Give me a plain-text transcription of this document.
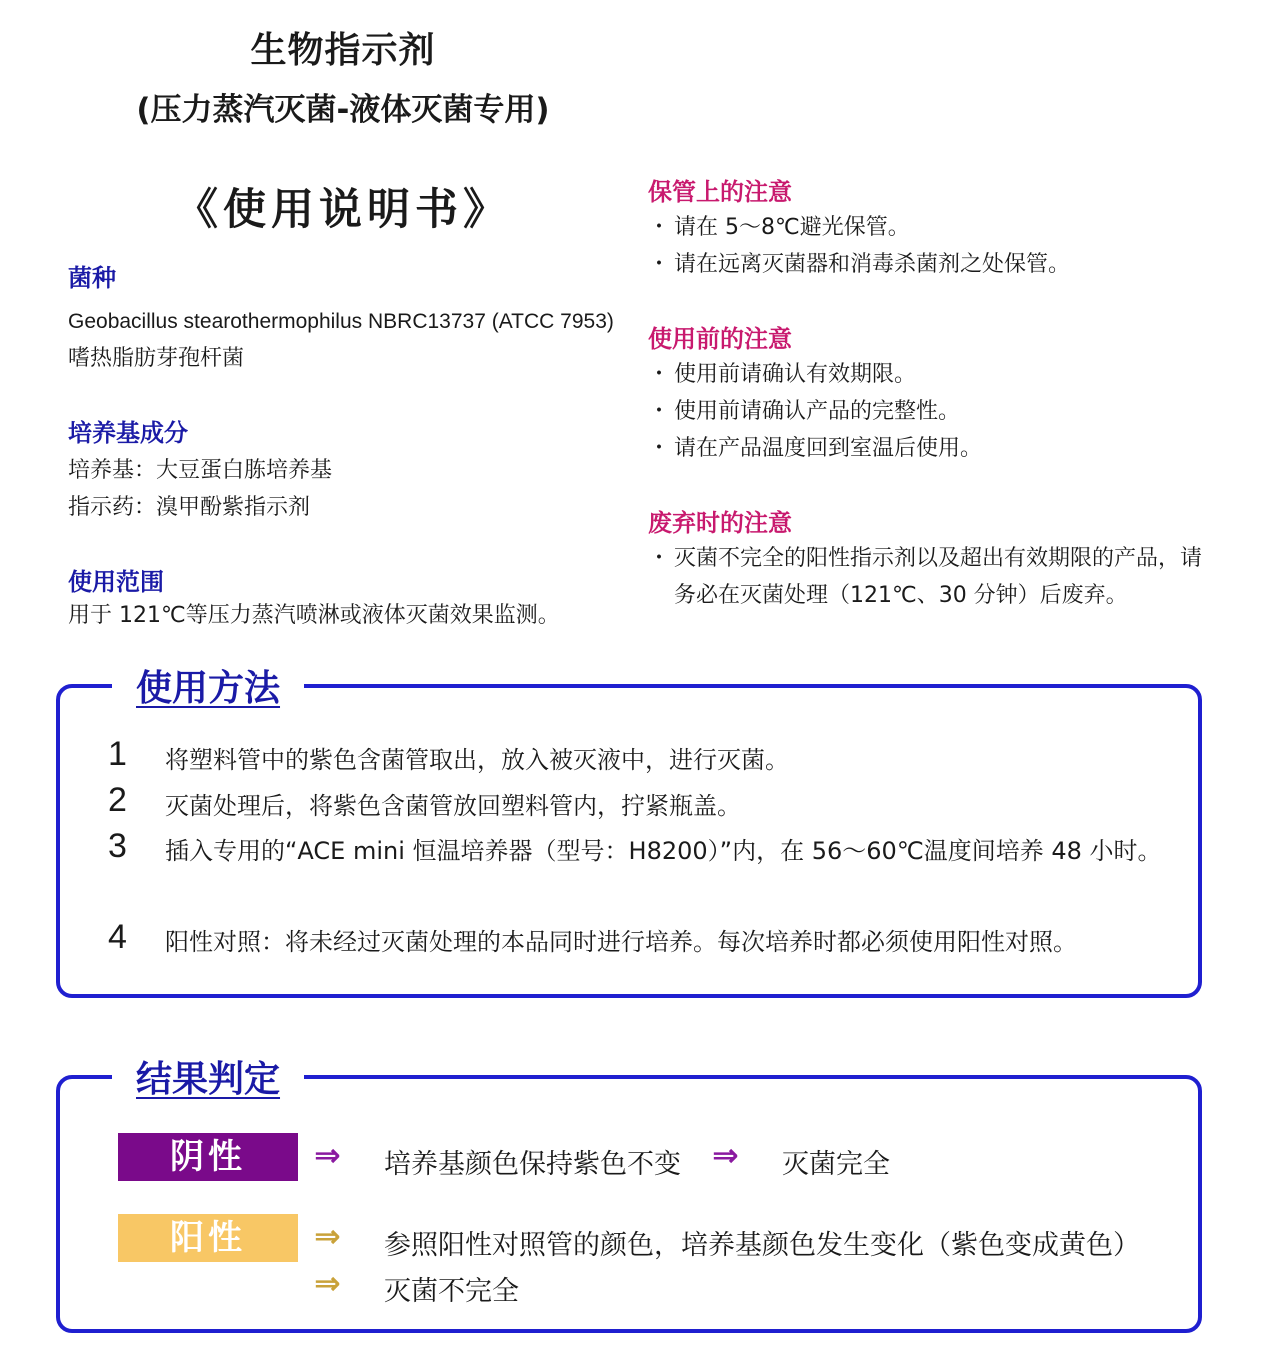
生物指示剂
(压力蒸汽灭菌-液体灭菌专用)
《使用说明书》
菌种
Geobacillus stearothermophilus NBRC13737 (ATCC 7953)
嗜热脂肪芽孢杆菌
培养基成分
培养基：大豆蛋白胨培养基
指示药：溴甲酚紫指示剂
使用范围
用于 121℃等压力蒸汽喷淋或液体灭菌效果监测。
保管上的注意
・ 请在 5～8℃避光保管。
・ 请在远离灭菌器和消毒杀菌剂之处保管。
使用前的注意
・ 使用前请确认有效期限。
・ 使用前请确认产品的完整性。
・ 请在产品温度回到室温后使用。
废弃时的注意
・ 灭菌不完全的阳性指示剂以及超出有效期限的产品，请务必在灭菌处理（121℃、30 分钟）后废弃。
使用方法
1 将塑料管中的紫色含菌管取出，放入被灭液中，进行灭菌。
2 灭菌处理后，将紫色含菌管放回塑料管内，拧紧瓶盖。
3 插入专用的“ACE mini 恒温培养器（型号：H8200）”内，在 56～60℃温度间培养 48 小时。
4 阳性对照：将未经过灭菌处理的本品同时进行培养。每次培养时都必须使用阳性对照。
结果判定
阴性	⇒ 培养基颜色保持紫色不变 ⇒ 灭菌完全
阳性	⇒ 参照阳性对照管的颜色，培养基颜色发生变化（紫色变成黄色）
⇒ 灭菌不完全
